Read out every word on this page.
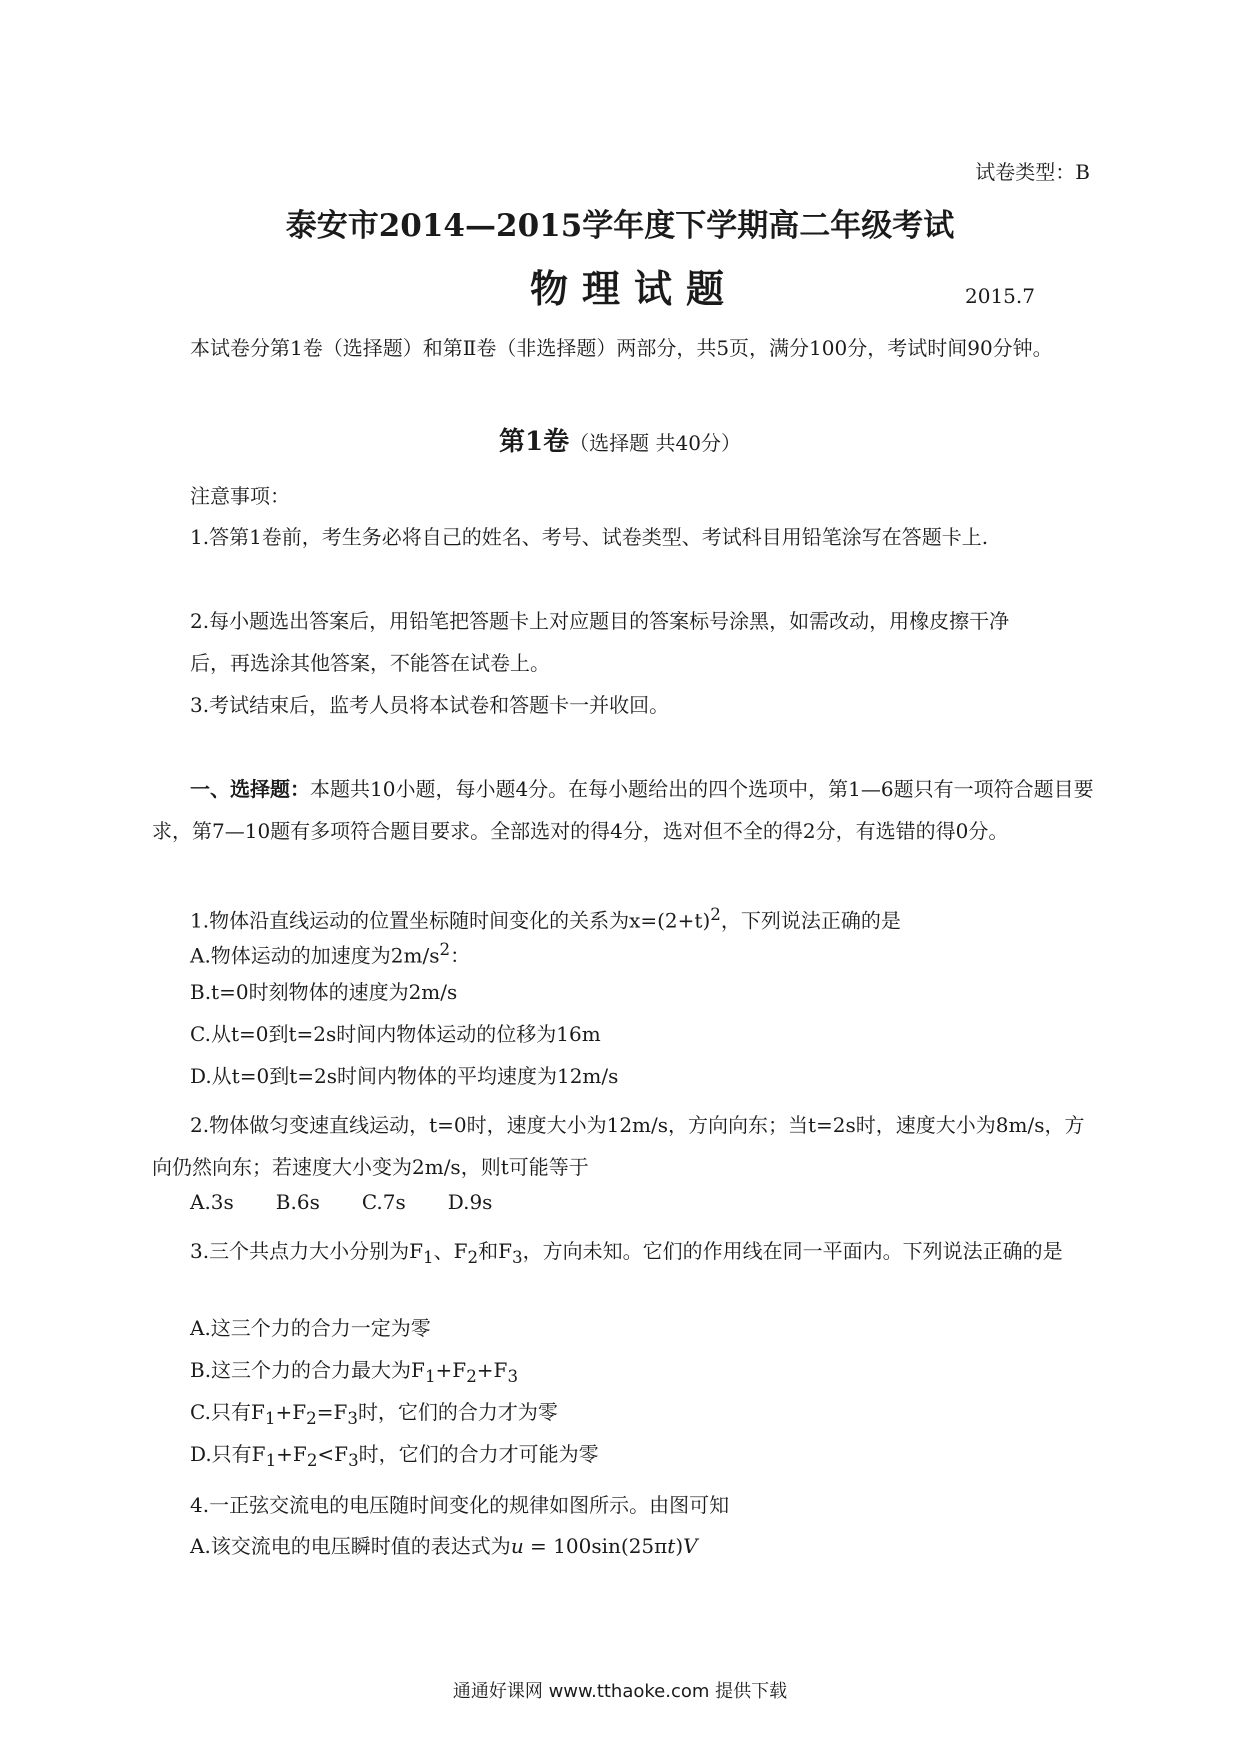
试卷类型：B
泰安市2014—2015学年度下学期高二年级考试
物理试题	2015.7
本试卷分第1卷（选择题）和第Ⅱ卷（非选择题）两部分，共5页，满分100分，考试时间90分钟。
第1卷（选择题 共40分）
注意事项：
1.答第1卷前，考生务必将自己的姓名、考号、试卷类型、考试科目用铅笔涂写在答题卡上.
2.每小题选出答案后，用铅笔把答题卡上对应题目的答案标号涂黑，如需改动，用橡皮擦干净后，再选涂其他答案，不能答在试卷上。
3.考试结束后，监考人员将本试卷和答题卡一并收回。
一、选择题：本题共10小题，每小题4分。在每小题给出的四个选项中，第1—6题只有一项符合题目要求，第7—10题有多项符合题目要求。全部选对的得4分，选对但不全的得2分，有选错的得0分。
1.物体沿直线运动的位置坐标随时间变化的关系为$x=(2+t)^2$，下列说法正确的是
A.物体运动的加速度为$2m/s^2$：
B.t=0时刻物体的速度为2m/s
C.从t=0到t=2s时间内物体运动的位移为16m
D.从t=0到t=2s时间内物体的平均速度为12m/s
2.物体做匀变速直线运动，t=0时，速度大小为12m/s，方向向东；当t=2s时，速度大小为8m/s，方向仍然向东；若速度大小变为2m/s，则t可能等于
A.3s B.6s C.7s D.9s
3.三个共点力大小分别为$F_1$、$F_2$和$F_3$，方向未知。它们的作用线在同一平面内。下列说法正确的是
A.这三个力的合力一定为零
B.这三个力的合力最大为$F_1+F_2+F_3$
C.只有$F_1+F_2=F_3$时，它们的合力才为零
D.只有$F_1+F_2<F_3$时，它们的合力才可能为零
4.一正弦交流电的电压随时间变化的规律如图所示。由图可知
A.该交流电的电压瞬时值的表达式为u = 100sin(25πt)V
通通好课网 www.tthaoke.com 提供下载
